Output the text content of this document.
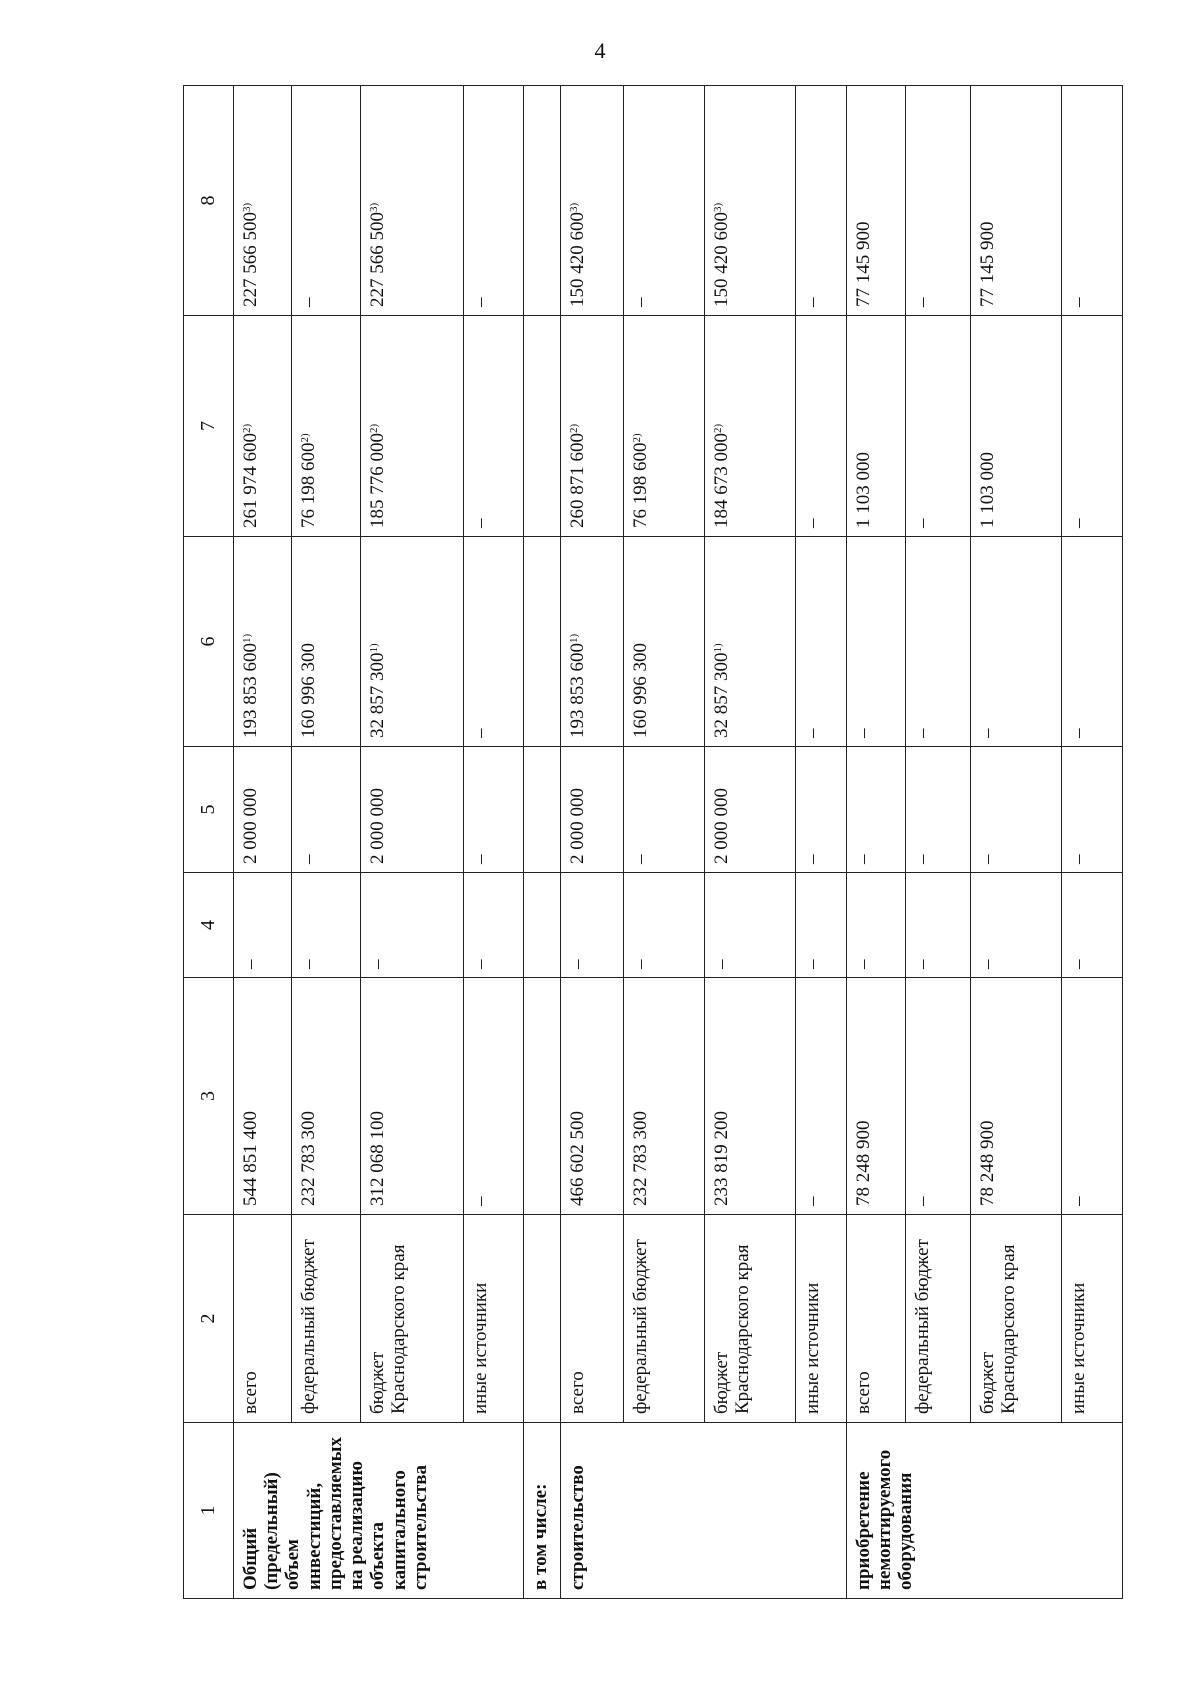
4
1	2	3	4	5	6	7	8
Общий (предельный) объем инвестиций, предоставляемых на реализацию объекта капитального строительства	всего	544 851 400	–	2 000 000	193 853 600$^{1)}$	261 974 600$^{2)}$	227 566 500$^{3)}$
	федеральный бюджет	232 783 300	–	–	160 996 300	76 198 600$^{2)}$	–
	бюджет Краснодарского края	312 068 100	–	2 000 000	32 857 300$^{1)}$	185 776 000$^{2)}$	227 566 500$^{3)}$
	иные источники	–	–	–	–	–	–
в том числе:							
строительство	всего	466 602 500	–	2 000 000	193 853 600$^{1)}$	260 871 600$^{2)}$	150 420 600$^{3)}$
	федеральный бюджет	232 783 300	–	–	160 996 300	76 198 600$^{2)}$	–
	бюджет Краснодарского края	233 819 200	–	2 000 000	32 857 300$^{1)}$	184 673 000$^{2)}$	150 420 600$^{3)}$
	иные источники	–	–	–	–	–	–
приобретение немонтируемого оборудования	всего	78 248 900	–	–	–	1 103 000	77 145 900
	федеральный бюджет	–	–	–	–	–	–
	бюджет Краснодарского края	78 248 900	–	–	–	1 103 000	77 145 900
	иные источники	–	–	–	–	–	–
